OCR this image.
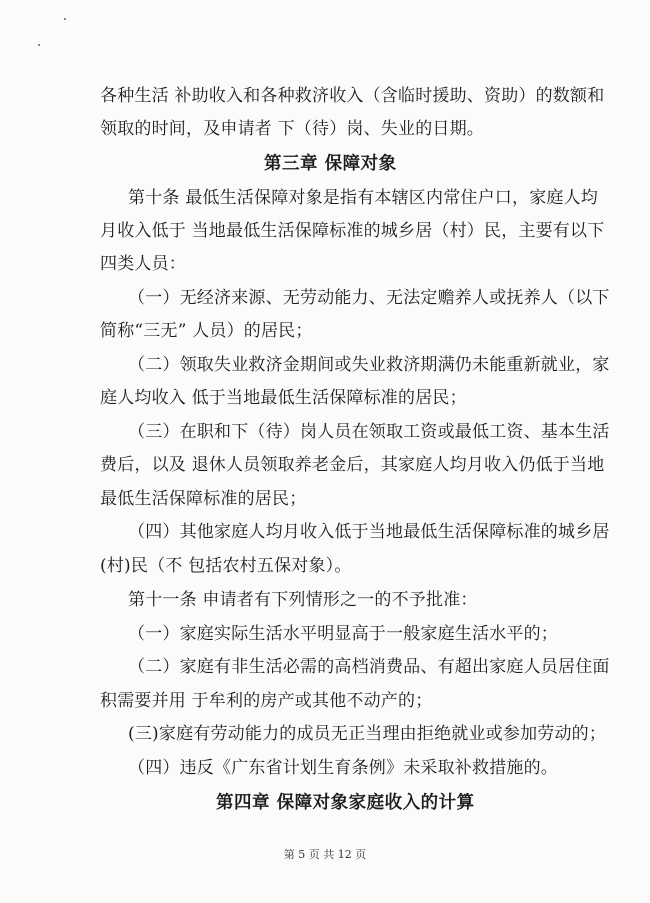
各种生活 补助收入和各种救济收入（含临时援助、资助）的数额和
领取的时间，及申请者 下（待）岗、失业的日期。
第三章 保障对象
第十条 最低生活保障对象是指有本辖区内常住户口，家庭人均
月收入低于 当地最低生活保障标准的城乡居（村）民，主要有以下
四类人员：
（一）无经济来源、无劳动能力、无法定赡养人或抚养人（以下
简称“三无” 人员）的居民；
（二）领取失业救济金期间或失业救济期满仍未能重新就业，家
庭人均收入 低于当地最低生活保障标准的居民；
（三）在职和下（待）岗人员在领取工资或最低工资、基本生活
费后，以及 退休人员领取养老金后，其家庭人均月收入仍低于当地
最低生活保障标准的居民；
（四）其他家庭人均月收入低于当地最低生活保障标准的城乡居
(村)民（不 包括农村五保对象）。
第十一条 申请者有下列情形之一的不予批准：
（一）家庭实际生活水平明显高于一般家庭生活水平的；
（二）家庭有非生活必需的高档消费品、有超出家庭人员居住面
积需要并用 于牟利的房产或其他不动产的；
(三)家庭有劳动能力的成员无正当理由拒绝就业或参加劳动的；
（四）违反《广东省计划生育条例》未采取补救措施的。
第四章 保障对象家庭收入的计算
第 5 页 共 12 页
